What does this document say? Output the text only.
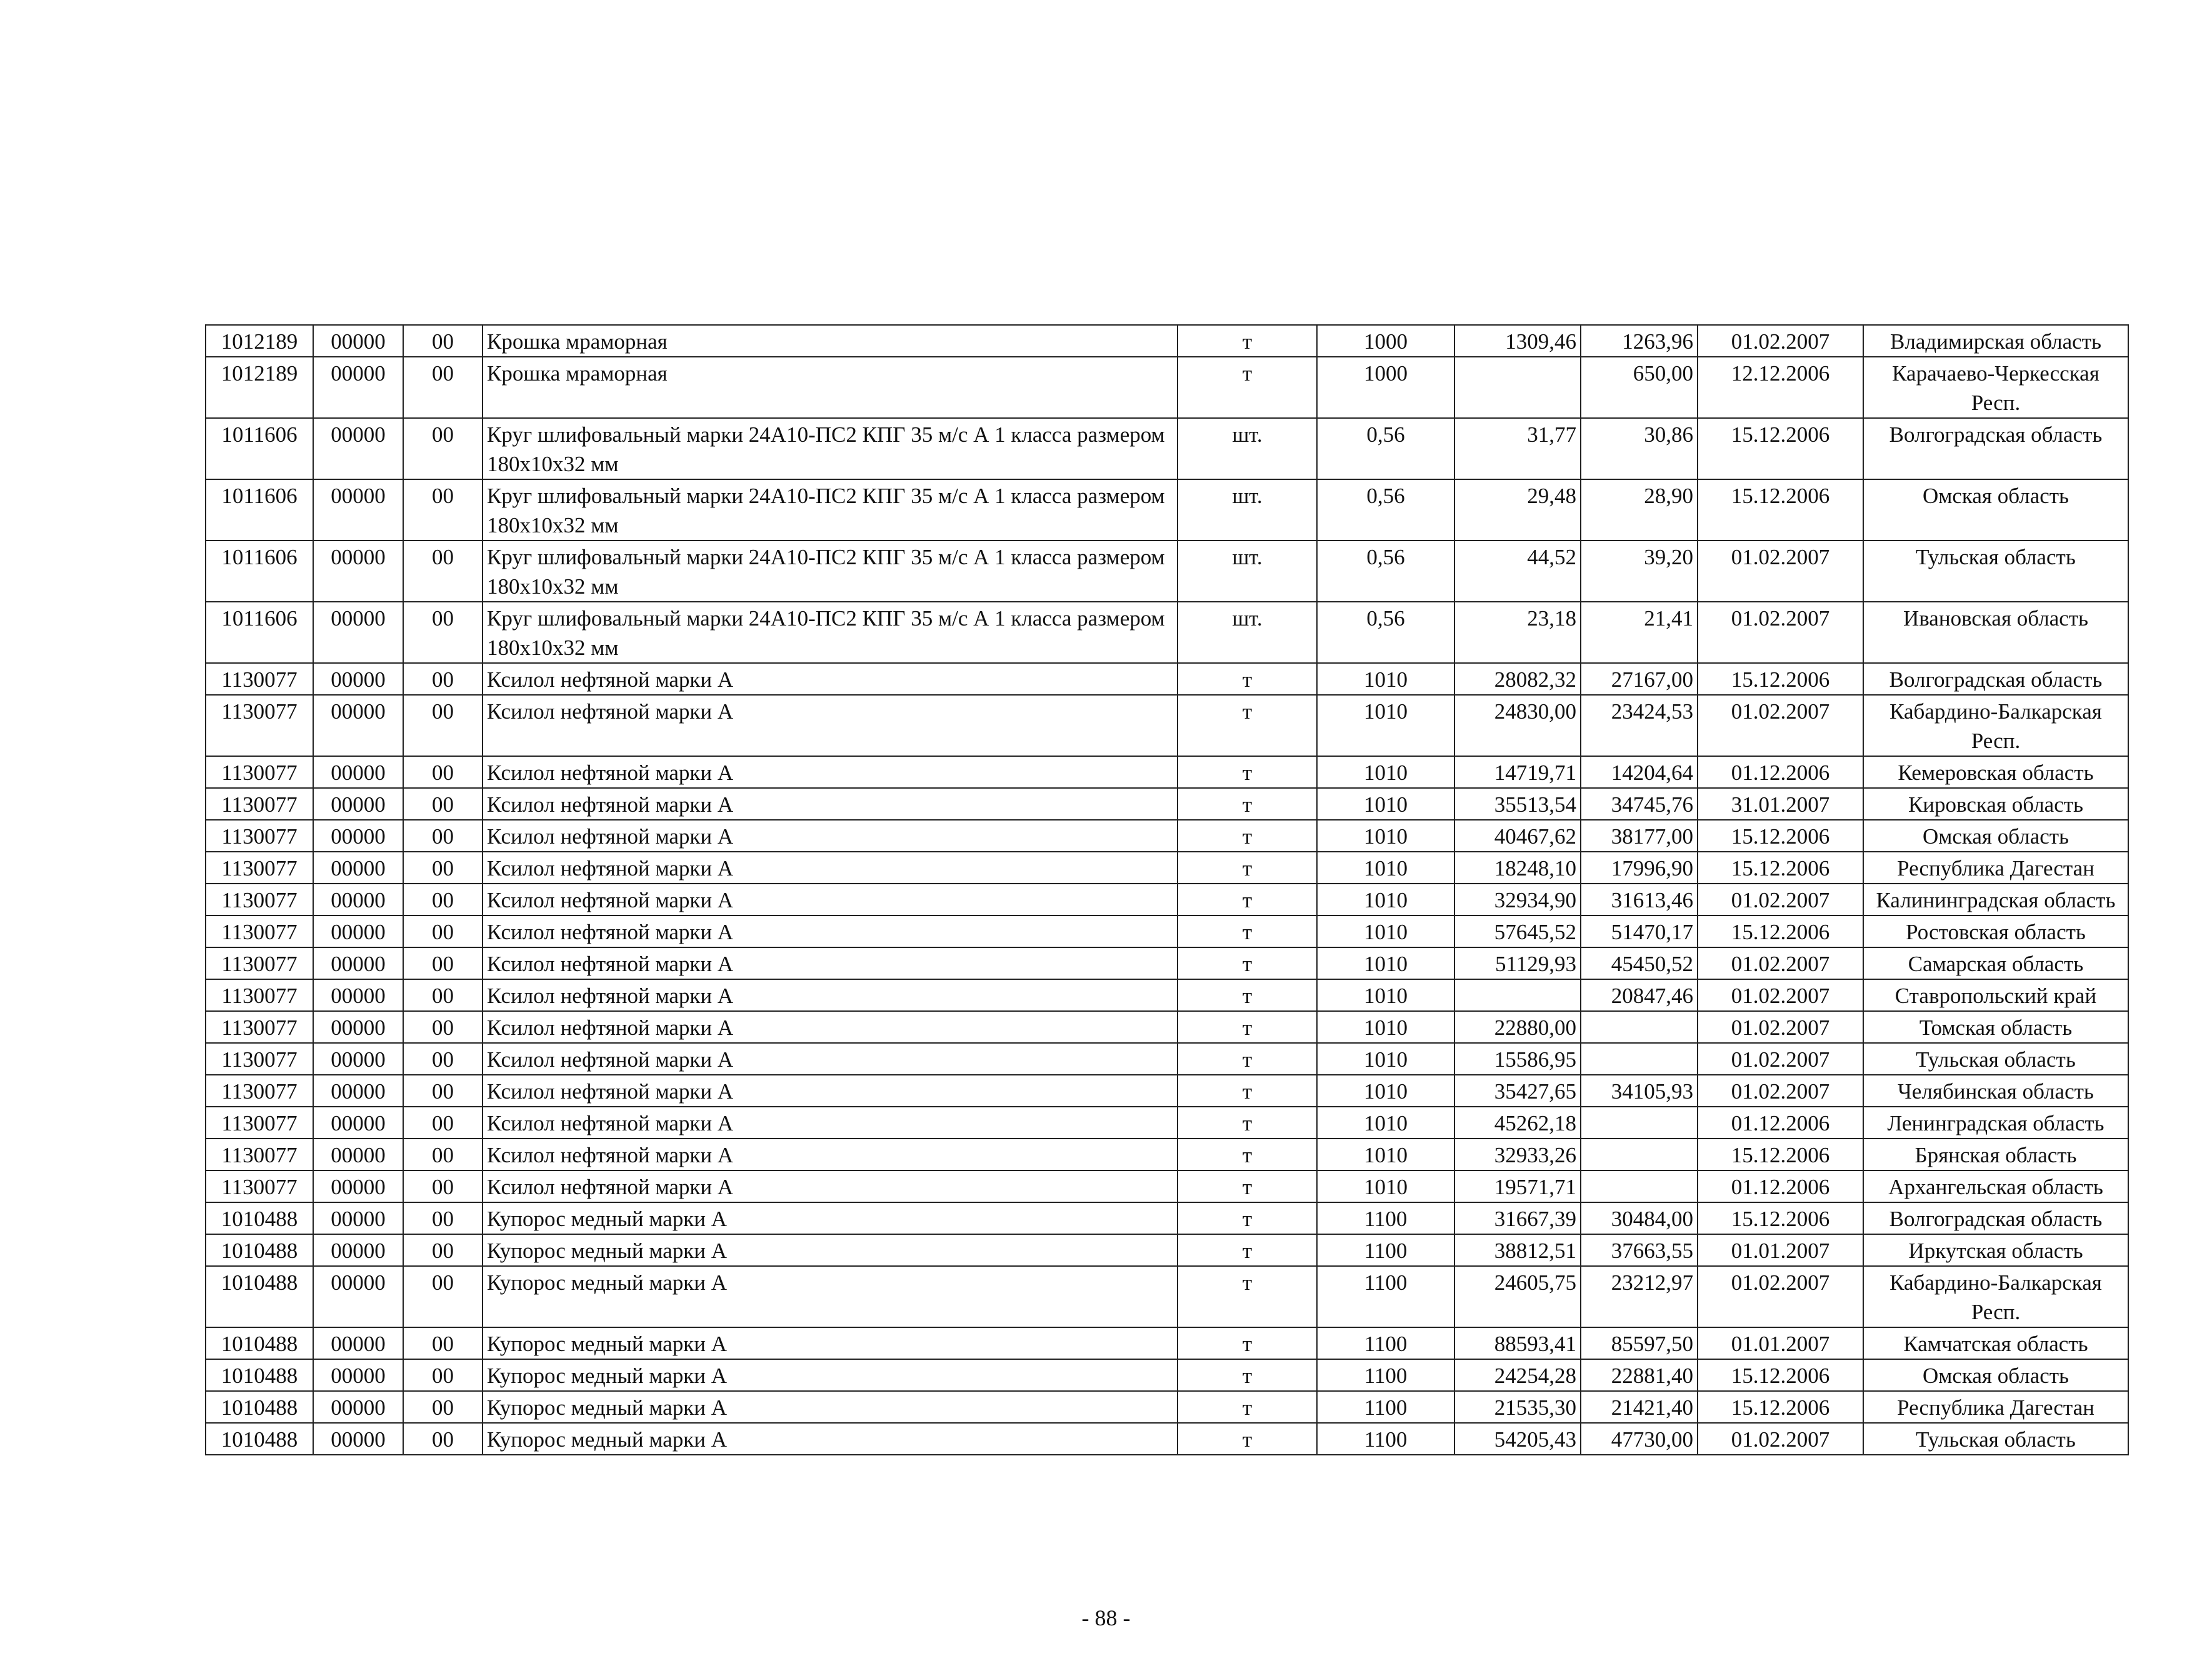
1012189	00000	00	Крошка мраморная	т	1000	1309,46	1263,96	01.02.2007	Владимирская область
1012189	00000	00	Крошка мраморная	т	1000		650,00	12.12.2006	Карачаево-Черкесская Респ.
1011606	00000	00	Круг шлифовальный марки 24А10-ПС2 КПГ 35 м/с А 1 класса размером 180х10х32 мм	шт.	0,56	31,77	30,86	15.12.2006	Волгоградская область
1011606	00000	00	Круг шлифовальный марки 24А10-ПС2 КПГ 35 м/с А 1 класса размером 180х10х32 мм	шт.	0,56	29,48	28,90	15.12.2006	Омская область
1011606	00000	00	Круг шлифовальный марки 24А10-ПС2 КПГ 35 м/с А 1 класса размером 180х10х32 мм	шт.	0,56	44,52	39,20	01.02.2007	Тульская область
1011606	00000	00	Круг шлифовальный марки 24А10-ПС2 КПГ 35 м/с А 1 класса размером 180х10х32 мм	шт.	0,56	23,18	21,41	01.02.2007	Ивановская область
1130077	00000	00	Ксилол нефтяной марки А	т	1010	28082,32	27167,00	15.12.2006	Волгоградская область
1130077	00000	00	Ксилол нефтяной марки А	т	1010	24830,00	23424,53	01.02.2007	Кабардино-Балкарская Респ.
1130077	00000	00	Ксилол нефтяной марки А	т	1010	14719,71	14204,64	01.12.2006	Кемеровская область
1130077	00000	00	Ксилол нефтяной марки А	т	1010	35513,54	34745,76	31.01.2007	Кировская область
1130077	00000	00	Ксилол нефтяной марки А	т	1010	40467,62	38177,00	15.12.2006	Омская область
1130077	00000	00	Ксилол нефтяной марки А	т	1010	18248,10	17996,90	15.12.2006	Республика Дагестан
1130077	00000	00	Ксилол нефтяной марки А	т	1010	32934,90	31613,46	01.02.2007	Калининградская область
1130077	00000	00	Ксилол нефтяной марки А	т	1010	57645,52	51470,17	15.12.2006	Ростовская область
1130077	00000	00	Ксилол нефтяной марки А	т	1010	51129,93	45450,52	01.02.2007	Самарская область
1130077	00000	00	Ксилол нефтяной марки А	т	1010		20847,46	01.02.2007	Ставропольский край
1130077	00000	00	Ксилол нефтяной марки А	т	1010	22880,00		01.02.2007	Томская область
1130077	00000	00	Ксилол нефтяной марки А	т	1010	15586,95		01.02.2007	Тульская область
1130077	00000	00	Ксилол нефтяной марки А	т	1010	35427,65	34105,93	01.02.2007	Челябинская область
1130077	00000	00	Ксилол нефтяной марки А	т	1010	45262,18		01.12.2006	Ленинградская область
1130077	00000	00	Ксилол нефтяной марки А	т	1010	32933,26		15.12.2006	Брянская область
1130077	00000	00	Ксилол нефтяной марки А	т	1010	19571,71		01.12.2006	Архангельская область
1010488	00000	00	Купорос медный марки А	т	1100	31667,39	30484,00	15.12.2006	Волгоградская область
1010488	00000	00	Купорос медный марки А	т	1100	38812,51	37663,55	01.01.2007	Иркутская область
1010488	00000	00	Купорос медный марки А	т	1100	24605,75	23212,97	01.02.2007	Кабардино-Балкарская Респ.
1010488	00000	00	Купорос медный марки А	т	1100	88593,41	85597,50	01.01.2007	Камчатская область
1010488	00000	00	Купорос медный марки А	т	1100	24254,28	22881,40	15.12.2006	Омская область
1010488	00000	00	Купорос медный марки А	т	1100	21535,30	21421,40	15.12.2006	Республика Дагестан
1010488	00000	00	Купорос медный марки А	т	1100	54205,43	47730,00	01.02.2007	Тульская область
- 88 -
